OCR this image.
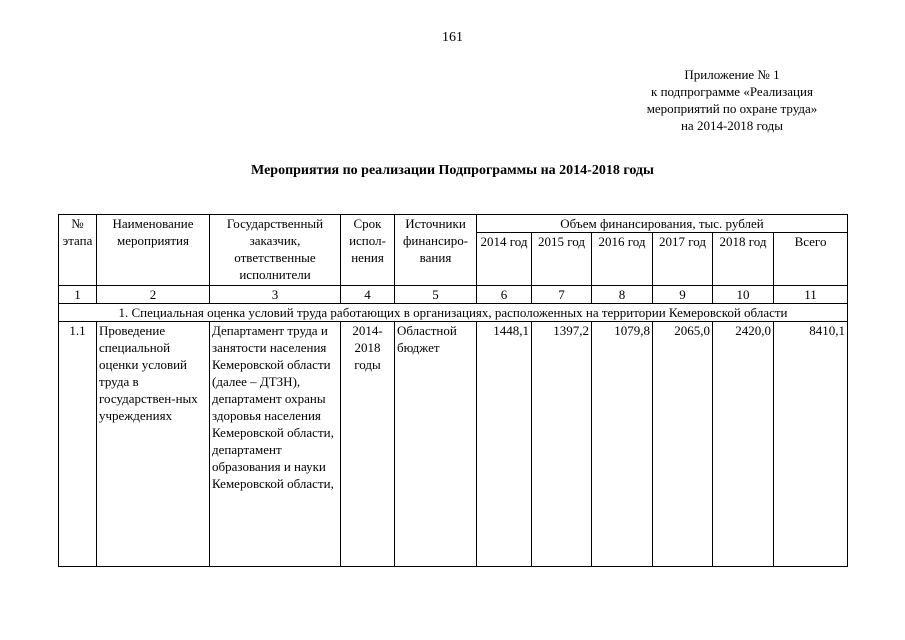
161
Приложение № 1
к подпрограмме «Реализация
мероприятий по охране труда»
на 2014-2018 годы
Мероприятия по реализации Подпрограммы на 2014-2018 годы
№ этапа	Наименование мероприятия	Государственный заказчик, ответственные исполнители	Срок испол-нения	Источники финансиро-вания	Объем финансирования, тыс. рублей					
					2014 год	2015 год	2016 год	2017 год	2018 год	Всего
1	2	3	4	5	6	7	8	9	10	11
1. Специальная оценка условий труда работающих в организациях, расположенных на территории Кемеровской области										
1.1	Проведение специальной оценки условий труда в государствен-ных учреждениях	Департамент труда и занятости населения Кемеровской области (далее – ДТЗН), департамент охраны здоровья населения Кемеровской области, департамент образования и науки Кемеровской области,	2014-2018 годы	Областной бюджет	1448,1	1397,2	1079,8	2065,0	2420,0	8410,1
